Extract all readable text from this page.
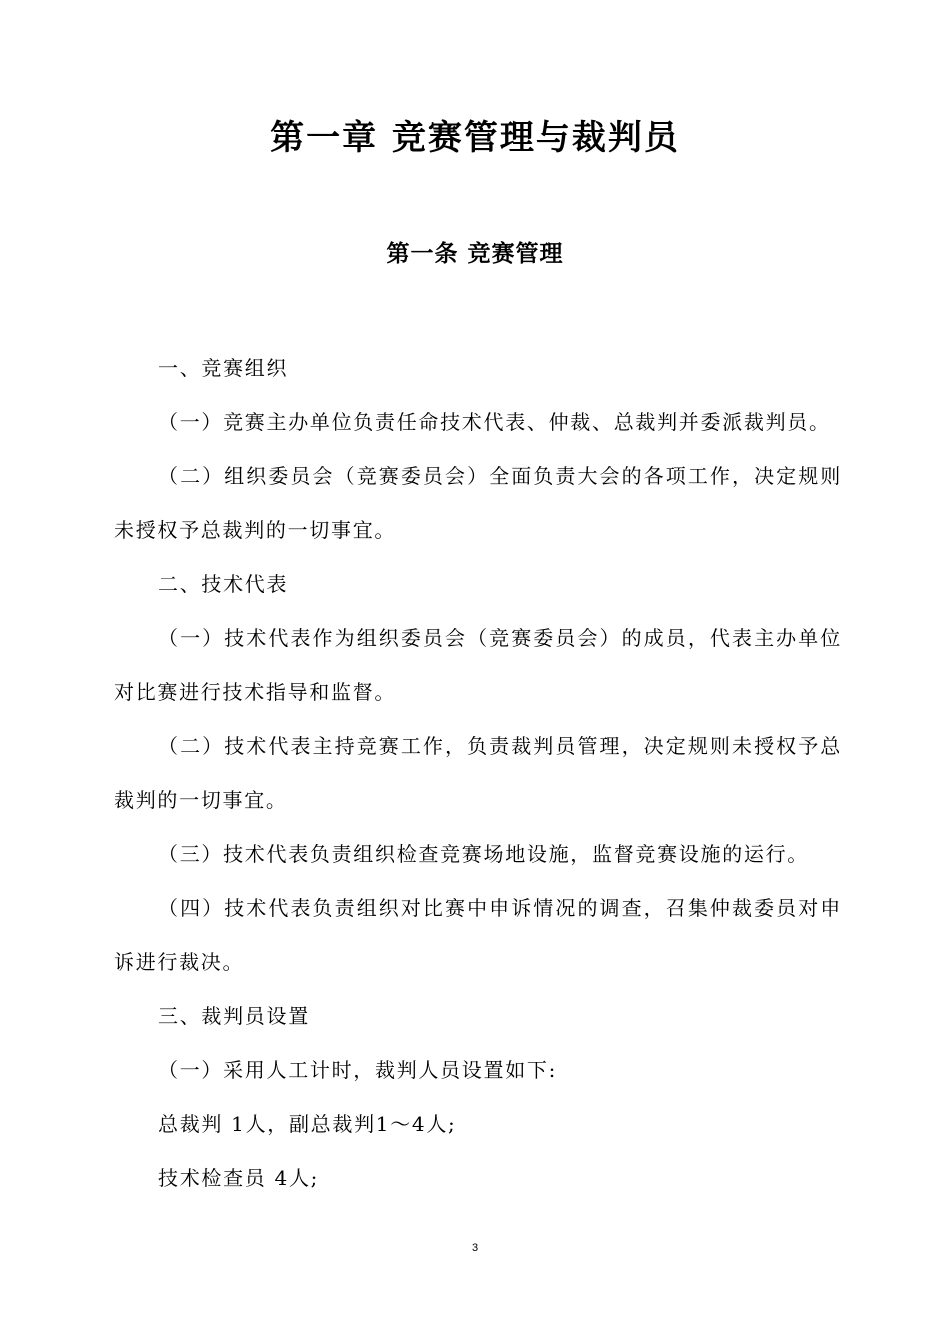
第一章 竞赛管理与裁判员
第一条 竞赛管理

一、竞赛组织

（一）竞赛主办单位负责任命技术代表、仲裁、总裁判并委派裁判员。

（二）组织委员会（竞赛委员会）全面负责大会的各项工作，决定规则未授权予总裁判的一切事宜。

二、技术代表

（一）技术代表作为组织委员会（竞赛委员会）的成员，代表主办单位对比赛进行技术指导和监督。

（二）技术代表主持竞赛工作，负责裁判员管理，决定规则未授权予总裁判的一切事宜。

（三）技术代表负责组织检查竞赛场地设施，监督竞赛设施的运行。

（四）技术代表负责组织对比赛中申诉情况的调查，召集仲裁委员对申诉进行裁决。

三、裁判员设置

（一）采用人工计时，裁判人员设置如下:

总裁判 1人，副总裁判1～4人;

技术检查员 4人;

3
